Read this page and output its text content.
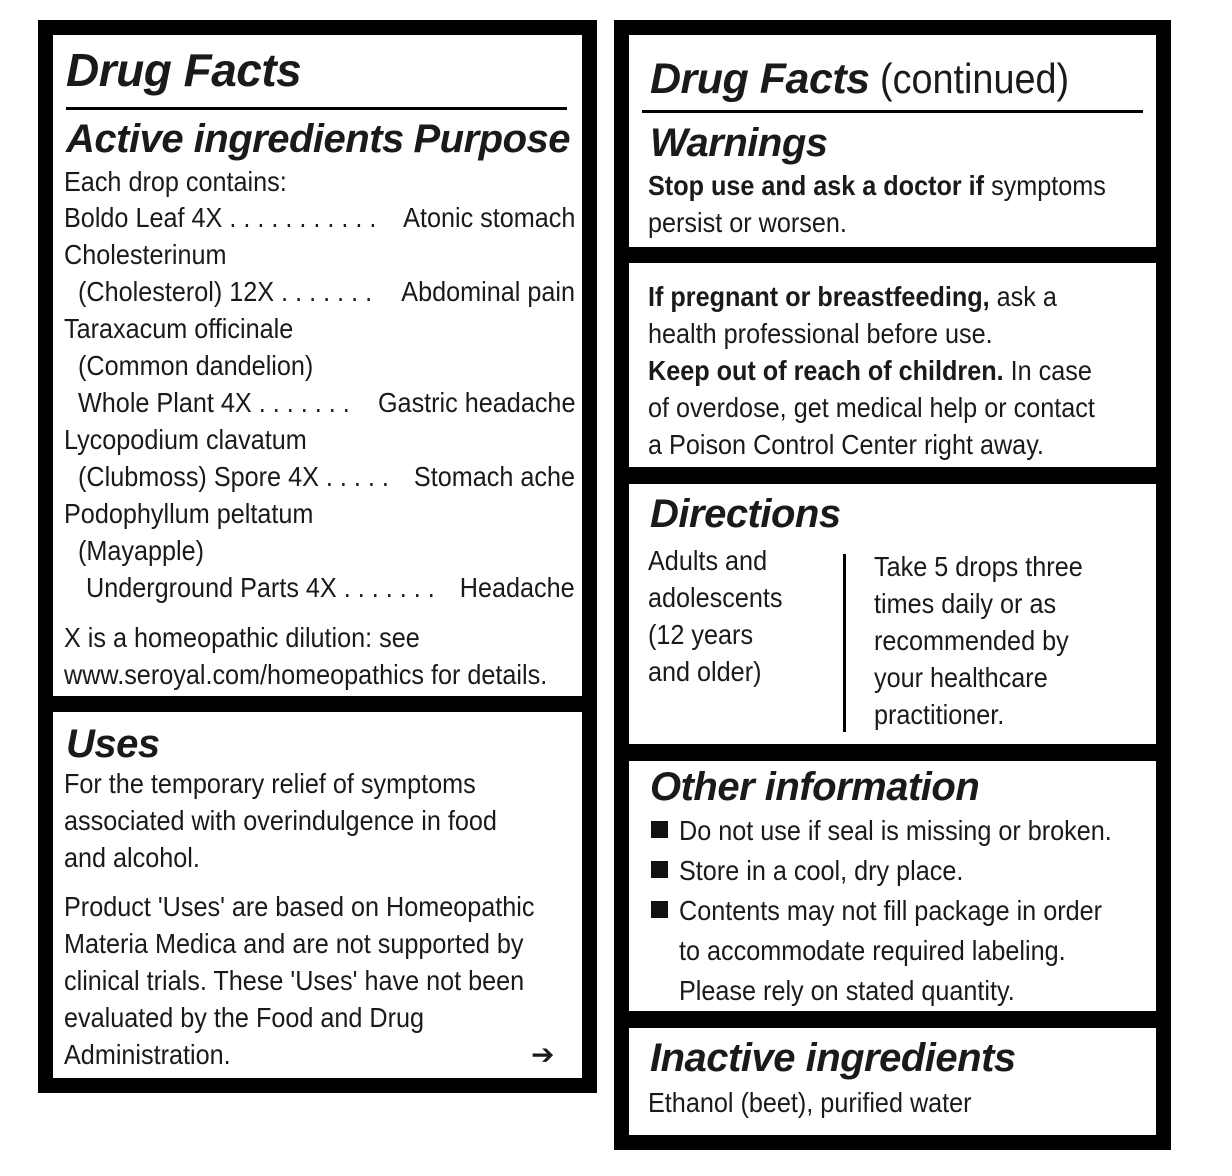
Drug Facts
Active ingredients Purpose
Each drop contains:
Boldo Leaf 4X . . . . . . . . . . . Atonic stomach
Cholesterinum
(Cholesterol) 12X . . . . . . . Abdominal pain
Taraxacum officinale
(Common dandelion)
Whole Plant 4X . . . . . . . Gastric headache
Lycopodium clavatum
(Clubmoss) Spore 4X . . . . . Stomach ache
Podophyllum peltatum
(Mayapple)
Underground Parts 4X . . . . . . . Headache
X is a homeopathic dilution: see
www.seroyal.com/homeopathics for details.
Uses
For the temporary relief of symptoms
associated with overindulgence in food
and alcohol.
Product 'Uses' are based on Homeopathic
Materia Medica and are not supported by
clinical trials. These 'Uses' have not been
evaluated by the Food and Drug
Administration.	➔
Drug Facts (continued)
Warnings
Stop use and ask a doctor if symptoms
persist or worsen.
If pregnant or breastfeeding, ask a
health professional before use.
Keep out of reach of children. In case
of overdose, get medical help or contact
a Poison Control Center right away.
Directions
Adults and
adolescents
(12 years
and older)
Take 5 drops three
times daily or as
recommended by
your healthcare
practitioner.
Other information
Do not use if seal is missing or broken.
Store in a cool, dry place.
Contents may not fill package in order
to accommodate required labeling.
Please rely on stated quantity.
Inactive ingredients
Ethanol (beet), purified water
